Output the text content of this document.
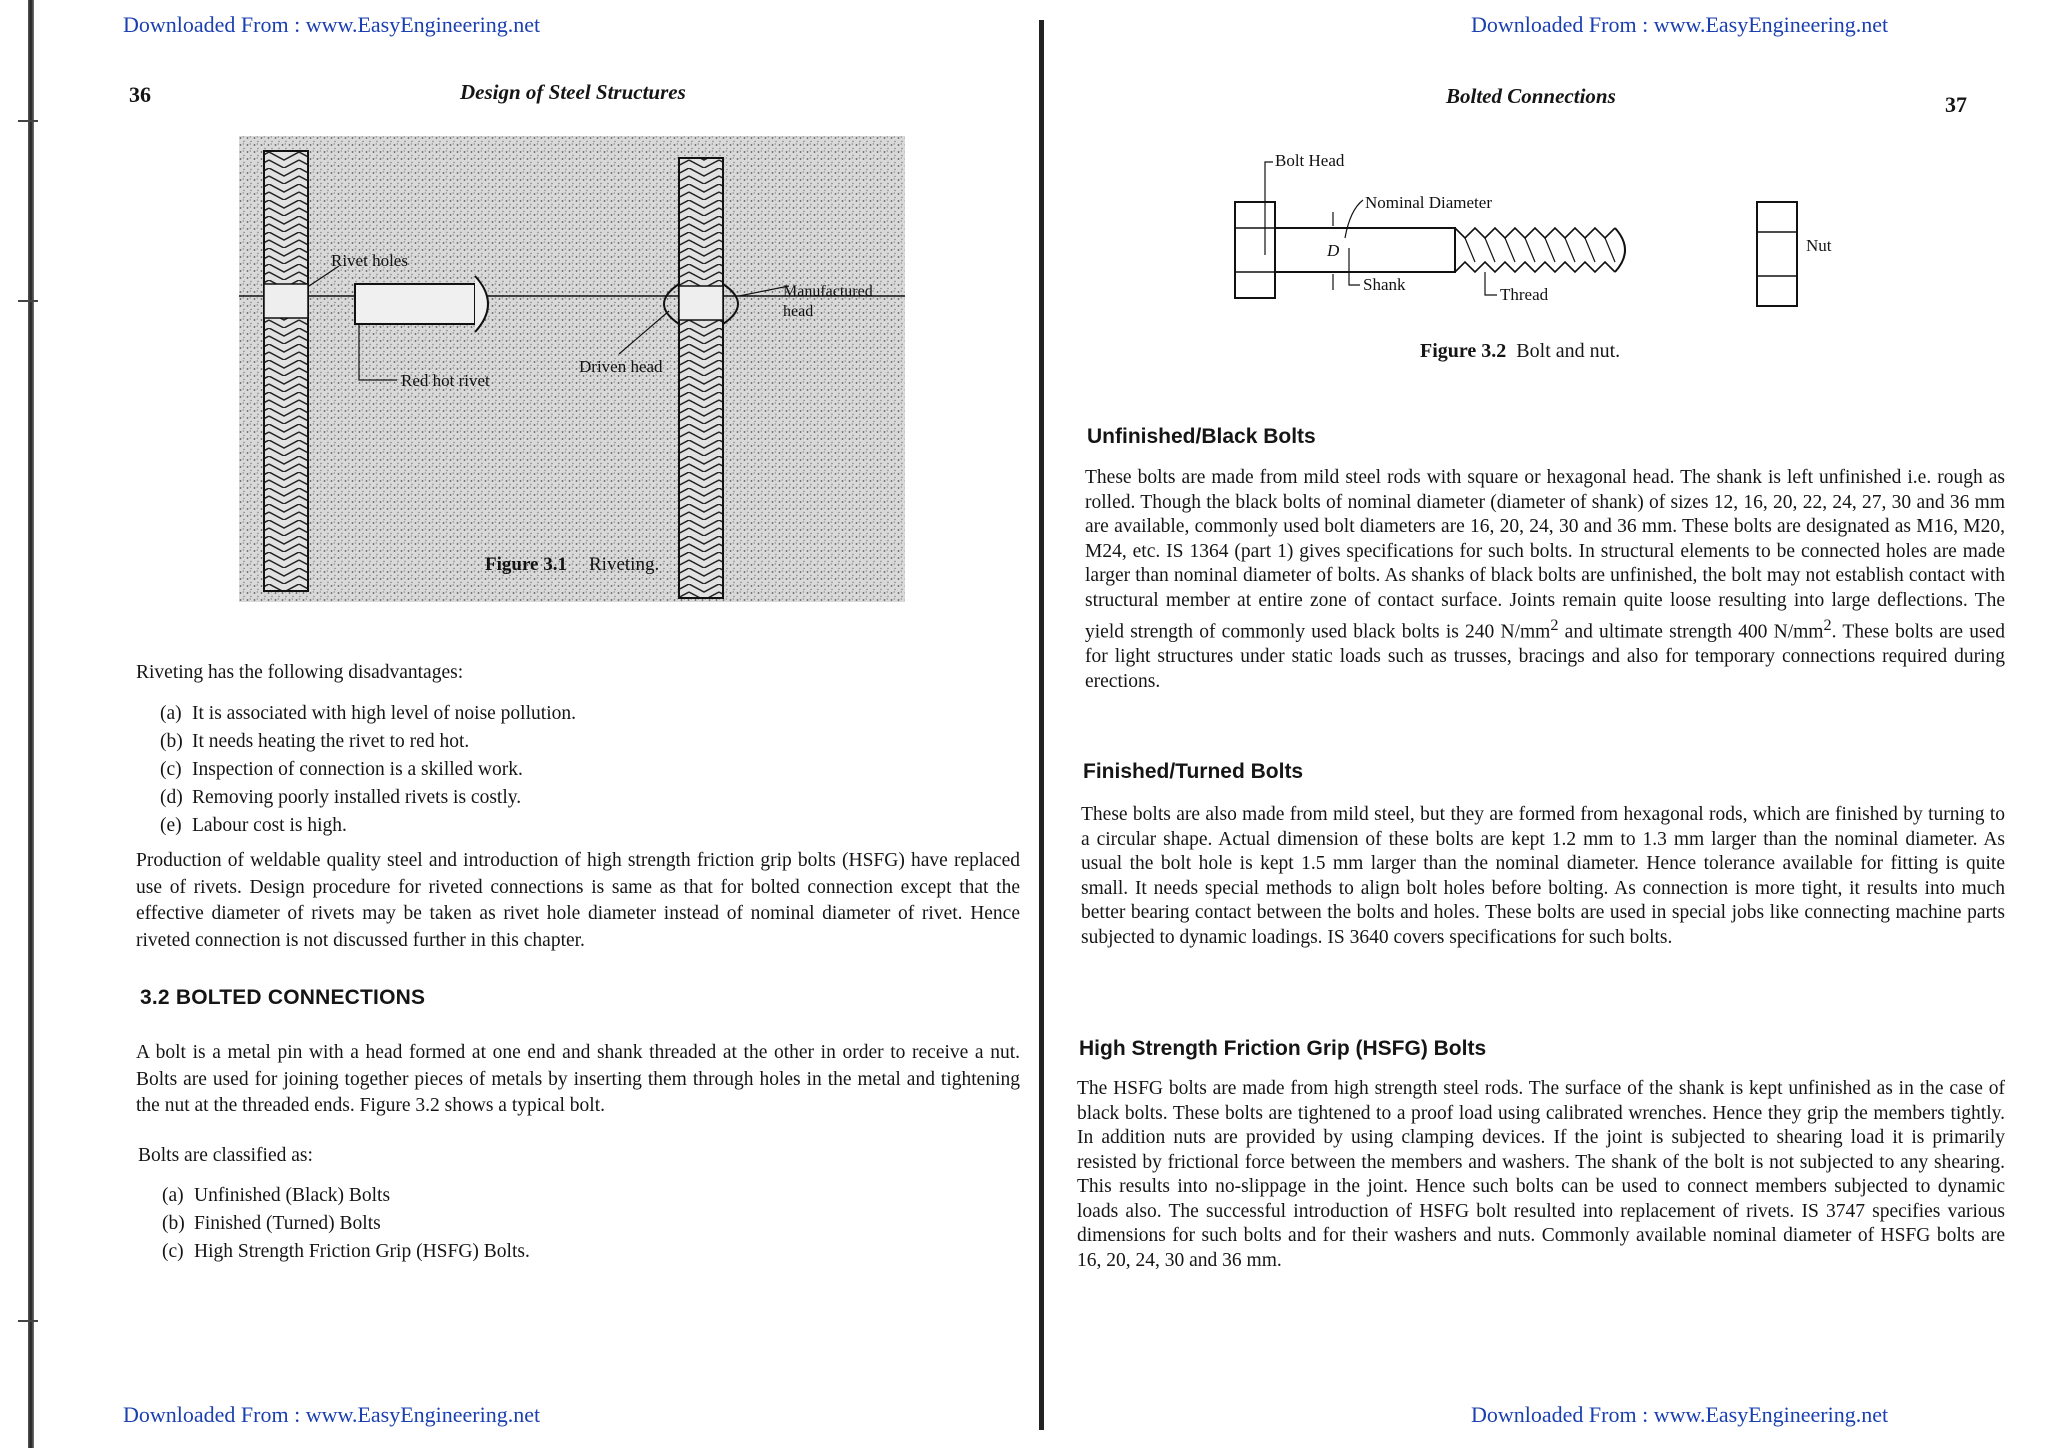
​
Downloaded From : www.EasyEngineering.net
36	Design of Steel Structures
Rivet holes
Manufactured
head
Red hot rivet
Driven head
Figure 3.1 Riveting.
Riveting has the following disadvantages:
(a) It is associated with high level of noise pollution.
(b) It needs heating the rivet to red hot.
(c) Inspection of connection is a skilled work.
(d) Removing poorly installed rivets is costly.
(e) Labour cost is high.

Production of weldable quality steel and introduction of high strength friction grip bolts (HSFG) have replaced use of rivets. Design procedure for riveted connections is same as that for bolted connection except that the effective diameter of rivets may be taken as rivet hole diameter instead of nominal diameter of rivet. Hence riveted connection is not discussed further in this chapter.

3.2 BOLTED CONNECTIONS

A bolt is a metal pin with a head formed at one end and shank threaded at the other in order to receive a nut. Bolts are used for joining together pieces of metals by inserting them through holes in the metal and tightening the nut at the threaded ends. Figure 3.2 shows a typical bolt.

Bolts are classified as:
(a) Unfinished (Black) Bolts
(b) Finished (Turned) Bolts
(c) High Strength Friction Grip (HSFG) Bolts.
Downloaded From : www.EasyEngineering.net
Downloaded From : www.EasyEngineering.net
Bolted Connections	37
Bolt Head
Nominal Diameter
D
Shank
Thread
Nut
Figure 3.2 Bolt and nut.
Unfinished/Black Bolts

These bolts are made from mild steel rods with square or hexagonal head. The shank is left unfinished i.e. rough as rolled. Though the black bolts of nominal diameter (diameter of shank) of sizes 12, 16, 20, 22, 24, 27, 30 and 36 mm are available, commonly used bolt diameters are 16, 20, 24, 30 and 36 mm. These bolts are designated as M16, M20, M24, etc. IS 1364 (part 1) gives specifications for such bolts. In structural elements to be connected holes are made larger than nominal diameter of bolts. As shanks of black bolts are unfinished, the bolt may not establish contact with structural member at entire zone of contact surface. Joints remain quite loose resulting into large deflections. The yield strength of commonly used black bolts is 240 $N/mm^2$ and ultimate strength 400 $N/mm^2$. These bolts are used for light structures under static loads such as trusses, bracings and also for temporary connections required during erections.

Finished/Turned Bolts

These bolts are also made from mild steel, but they are formed from hexagonal rods, which are finished by turning to a circular shape. Actual dimension of these bolts are kept 1.2 mm to 1.3 mm larger than the nominal diameter. As usual the bolt hole is kept 1.5 mm larger than the nominal diameter. Hence tolerance available for fitting is quite small. It needs special methods to align bolt holes before bolting. As connection is more tight, it results into much better bearing contact between the bolts and holes. These bolts are used in special jobs like connecting machine parts subjected to dynamic loadings. IS 3640 covers specifications for such bolts.

High Strength Friction Grip (HSFG) Bolts

The HSFG bolts are made from high strength steel rods. The surface of the shank is kept unfinished as in the case of black bolts. These bolts are tightened to a proof load using calibrated wrenches. Hence they grip the members tightly. In addition nuts are provided by using clamping devices. If the joint is subjected to shearing load it is primarily resisted by frictional force between the members and washers. The shank of the bolt is not subjected to any shearing. This results into no-slippage in the joint. Hence such bolts can be used to connect members subjected to dynamic loads also. The successful introduction of HSFG bolt resulted into replacement of rivets. IS 3747 specifies various dimensions for such bolts and for their washers and nuts. Commonly available nominal diameter of HSFG bolts are 16, 20, 24, 30 and 36 mm.

Downloaded From : www.EasyEngineering.net
